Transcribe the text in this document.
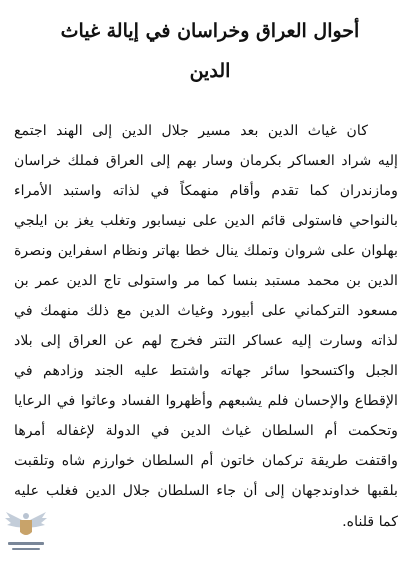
أحوال العراق وخراسان في إيالة غياث
الدين
كان غياث الدين بعد مسير جلال الدين إلى الهند اجتمع
إليه شراد العساكر بكرمان وسار بهم إلى العراق فملك خراسان
ومازندران كما تقدم وأقام منهمكاً في لذاته واستبد الأمراء
بالنواحي فاستولى قائم الدين على نيسابور وتغلب يغز بن ايلجي
بهلوان على شروان وتملك ينال خطا بهاتر ونظام اسفراين ونصرة
الدين بن محمد مستبد بنسا كما مر واستولى تاج الدين عمر بن
مسعود التركماني على أبيورد وغياث الدين مع ذلك منهمك في
لذاته وسارت إليه عساكر التتر فخرج لهم عن العراق إلى بلاد
الجبل واكتسحوا سائر جهاته واشتط عليه الجند وزادهم في
الإقطاع والإحسان فلم يشبعهم وأظهروا الفساد وعاثوا في الرعايا
وتحكمت أم السلطان غياث الدين في الدولة لإغفاله أمرها
واقتفت طريقة تركمان خاتون أم السلطان خوارزم شاه وتلقبت
بلقبها خداوندجهان إلى أن جاء السلطان جلال الدين فغلب عليه
كما قلناه.
